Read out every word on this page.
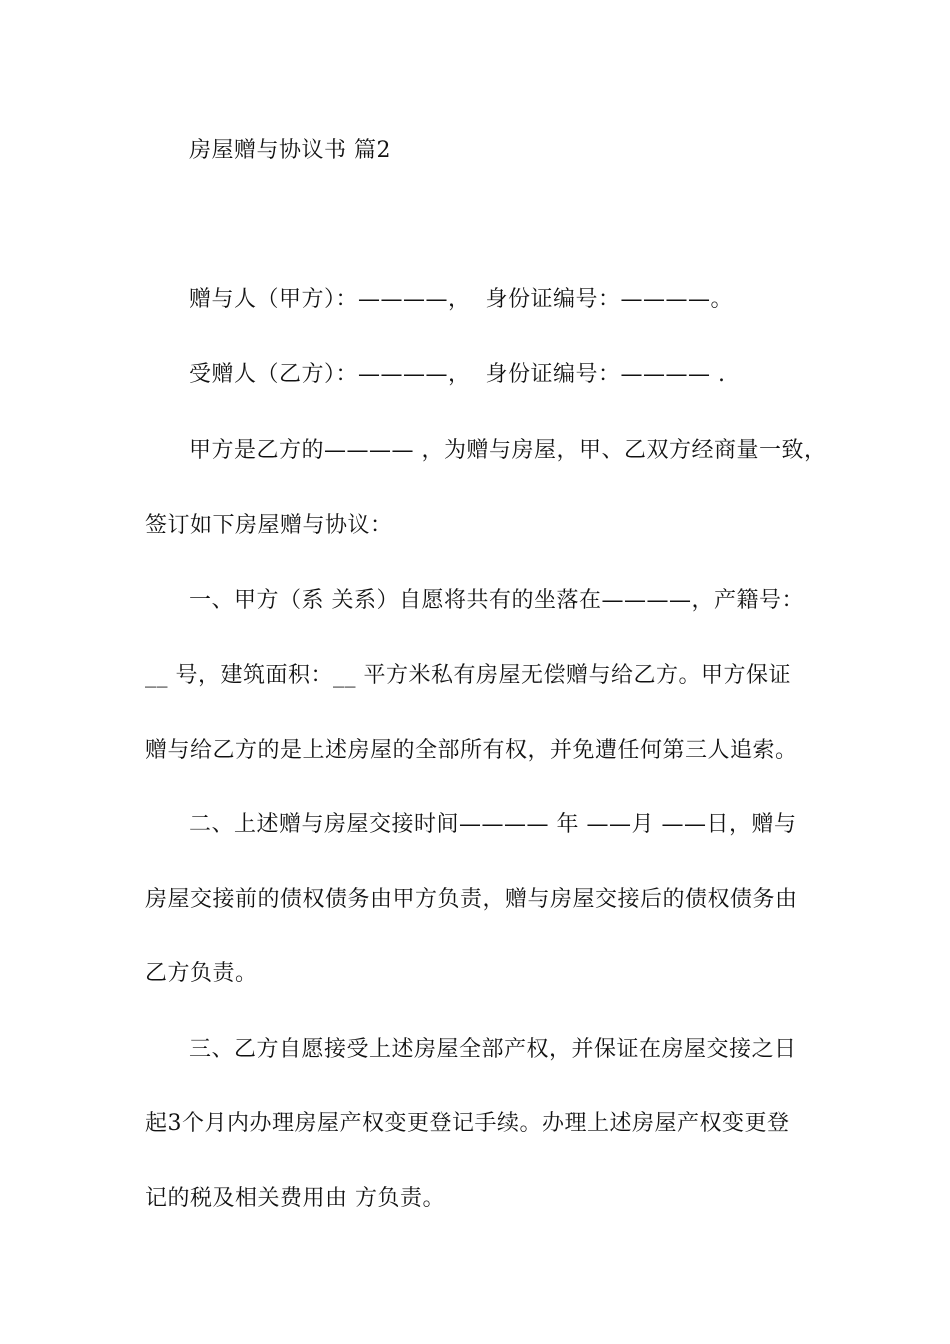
房屋赠与协议书 篇2

赠与人（甲方）：————，  身份证编号：————。

受赠人（乙方）：————，  身份证编号：———— .

甲方是乙方的———— ，为赠与房屋，甲、乙双方经商量一致，

签订如下房屋赠与协议：

一、甲方（系 关系）自愿将共有的坐落在————，产籍号：

__ 号，建筑面积：__ 平方米私有房屋无偿赠与给乙方。甲方保证

赠与给乙方的是上述房屋的全部所有权，并免遭任何第三人追索。

二、上述赠与房屋交接时间———— 年 ——月 ——日，赠与

房屋交接前的债权债务由甲方负责，赠与房屋交接后的债权债务由

乙方负责。

三、乙方自愿接受上述房屋全部产权，并保证在房屋交接之日

起3个月内办理房屋产权变更登记手续。办理上述房屋产权变更登

记的税及相关费用由 方负责。
